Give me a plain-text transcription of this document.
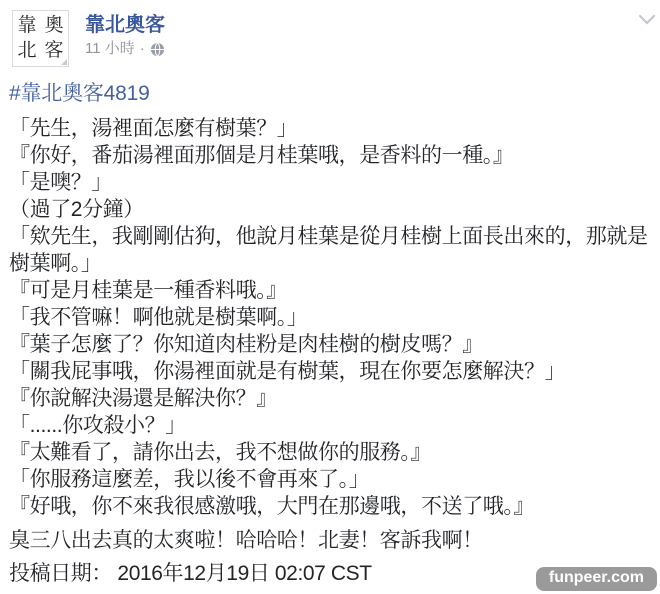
靠 奧
北 客
靠北奧客
11 小時 ·
#靠北奧客4819
「先生，湯裡面怎麼有樹葉？」
『你好，番茄湯裡面那個是月桂葉哦，是香料的一種。』
「是噢？」
（過了2分鐘）
「欸先生，我剛剛估狗，他說月桂葉是從月桂樹上面長出來的，那就是
樹葉啊。」
『可是月桂葉是一種香料哦。』
「我不管嘛！啊他就是樹葉啊。」
『葉子怎麼了？你知道肉桂粉是肉桂樹的樹皮嗎？』
「關我屁事哦，你湯裡面就是有樹葉，現在你要怎麼解決？」
『你說解決湯還是解決你？』
「......你攻殺小？」
『太難看了，請你出去，我不想做你的服務。』
「你服務這麼差，我以後不會再來了。」
『好哦，你不來我很感激哦，大門在那邊哦，不送了哦。』
臭三八出去真的太爽啦！哈哈哈！北妻！客訴我啊！
投稿日期： 2016年12月19日 02:07 CST	funpeer.com
